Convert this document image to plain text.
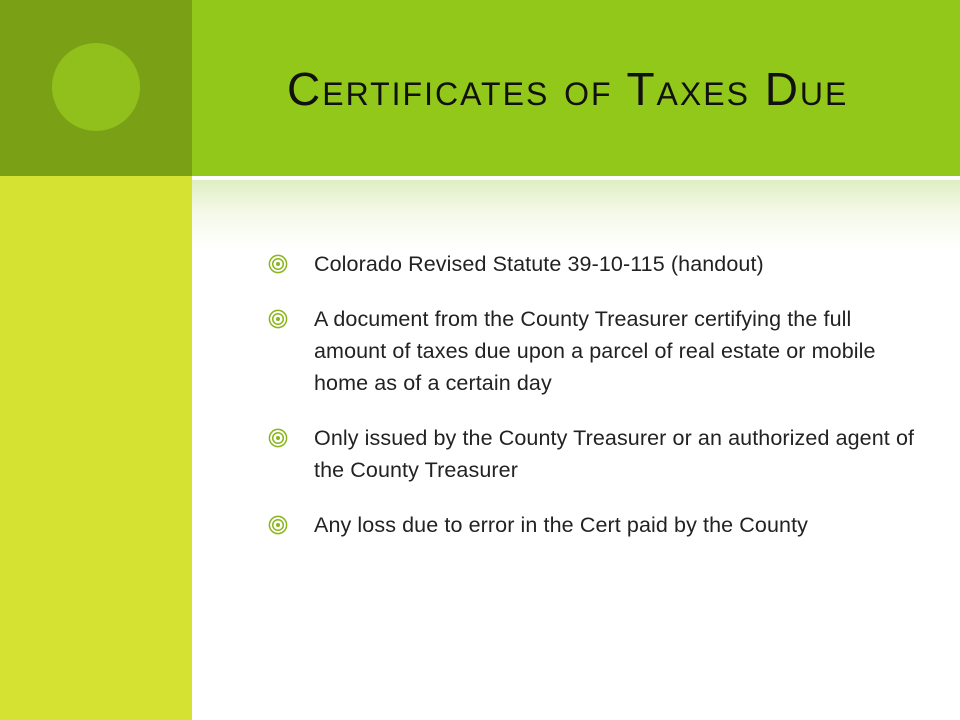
Certificates of Taxes Due
Colorado Revised Statute 39-10-115 (handout)
A document from the County Treasurer certifying the full amount of taxes due upon a parcel of real estate or mobile home as of a certain day
Only issued by the County Treasurer or an authorized agent of the County Treasurer
Any loss due to error in the Cert paid by the County
